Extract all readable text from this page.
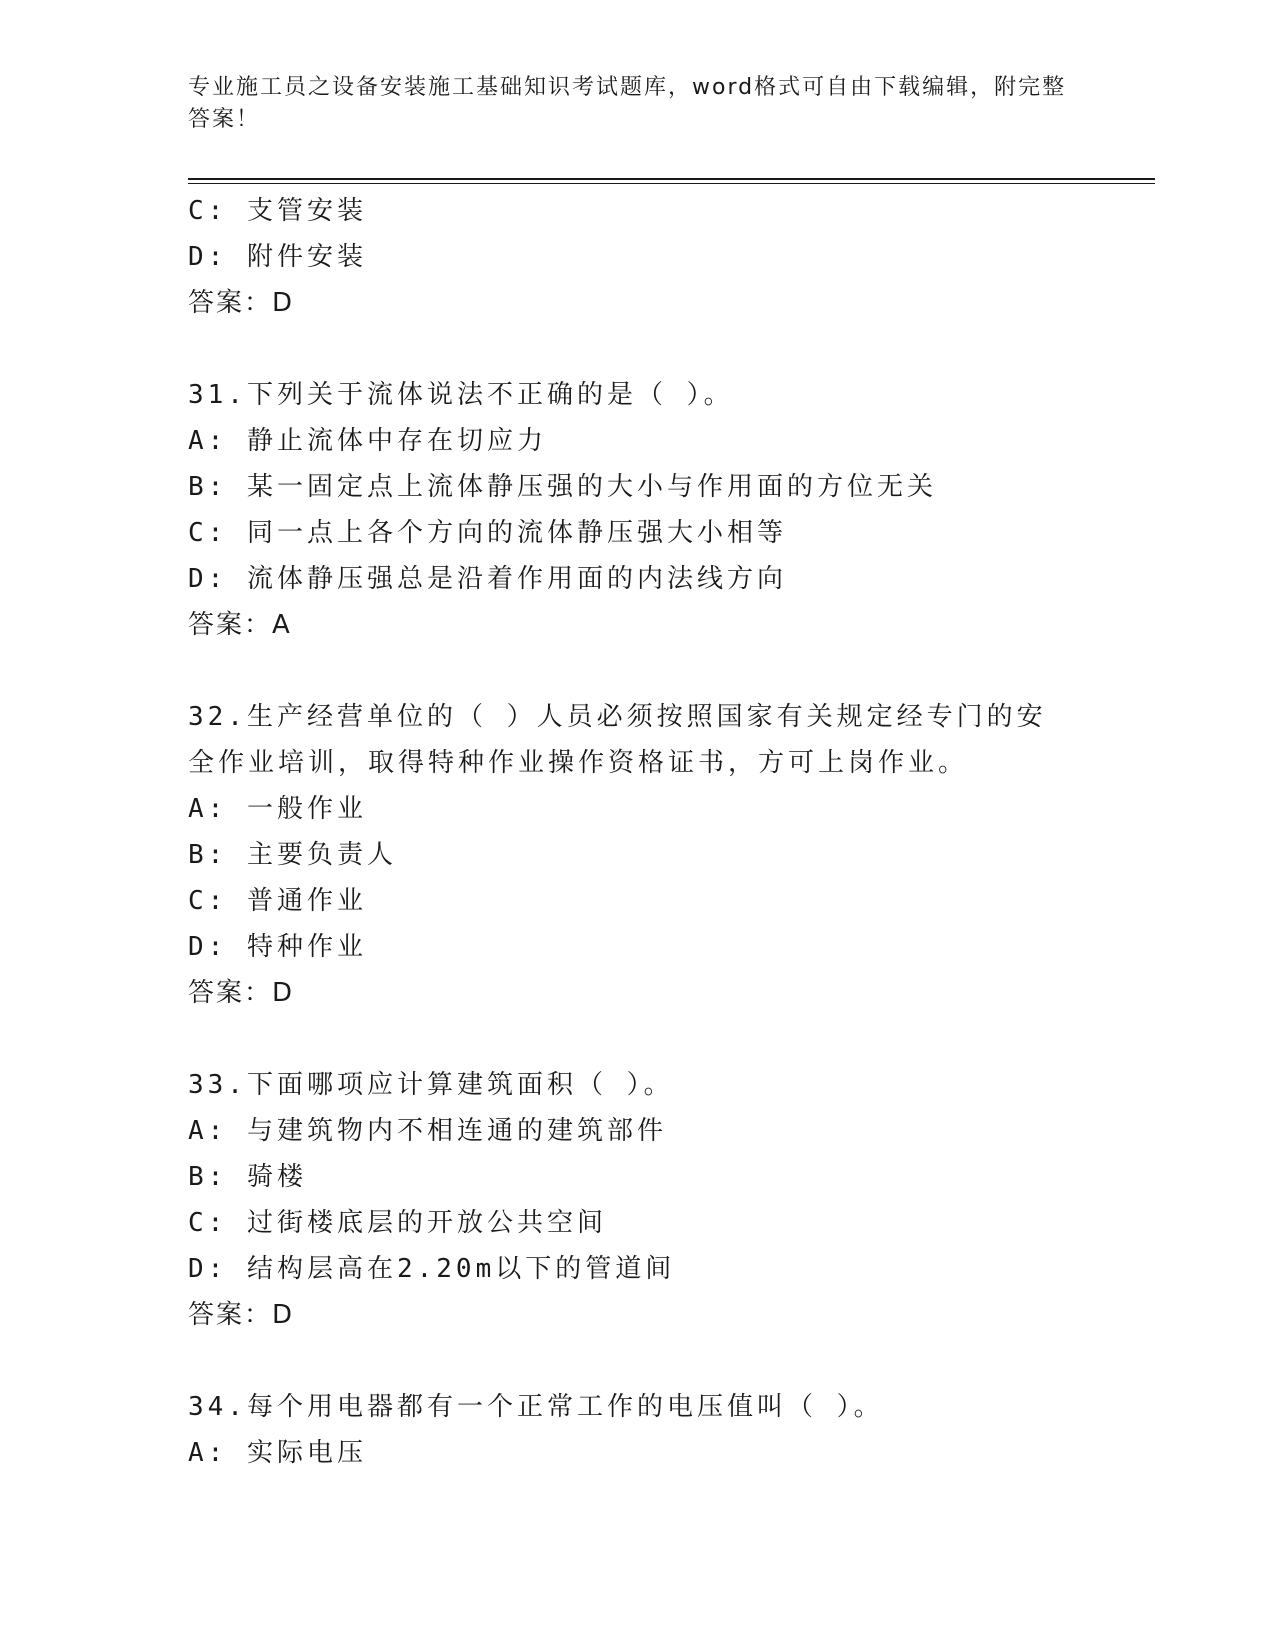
专业施工员之设备安装施工基础知识考试题库，word格式可自由下载编辑，附完整答案！
C: 支管安装
D: 附件安装
答案：D
31.下列关于流体说法不正确的是（ ）。
A: 静止流体中存在切应力
B: 某一固定点上流体静压强的大小与作用面的方位无关
C: 同一点上各个方向的流体静压强大小相等
D: 流体静压强总是沿着作用面的内法线方向
答案：A
32.生产经营单位的（ ）人员必须按照国家有关规定经专门的安全作业培训，取得特种作业操作资格证书，方可上岗作业。
A: 一般作业
B: 主要负责人
C: 普通作业
D: 特种作业
答案：D
33.下面哪项应计算建筑面积（ ）。
A: 与建筑物内不相连通的建筑部件
B: 骑楼
C: 过街楼底层的开放公共空间
D: 结构层高在2.20m以下的管道间
答案：D
34.每个用电器都有一个正常工作的电压值叫（ ）。
A: 实际电压
